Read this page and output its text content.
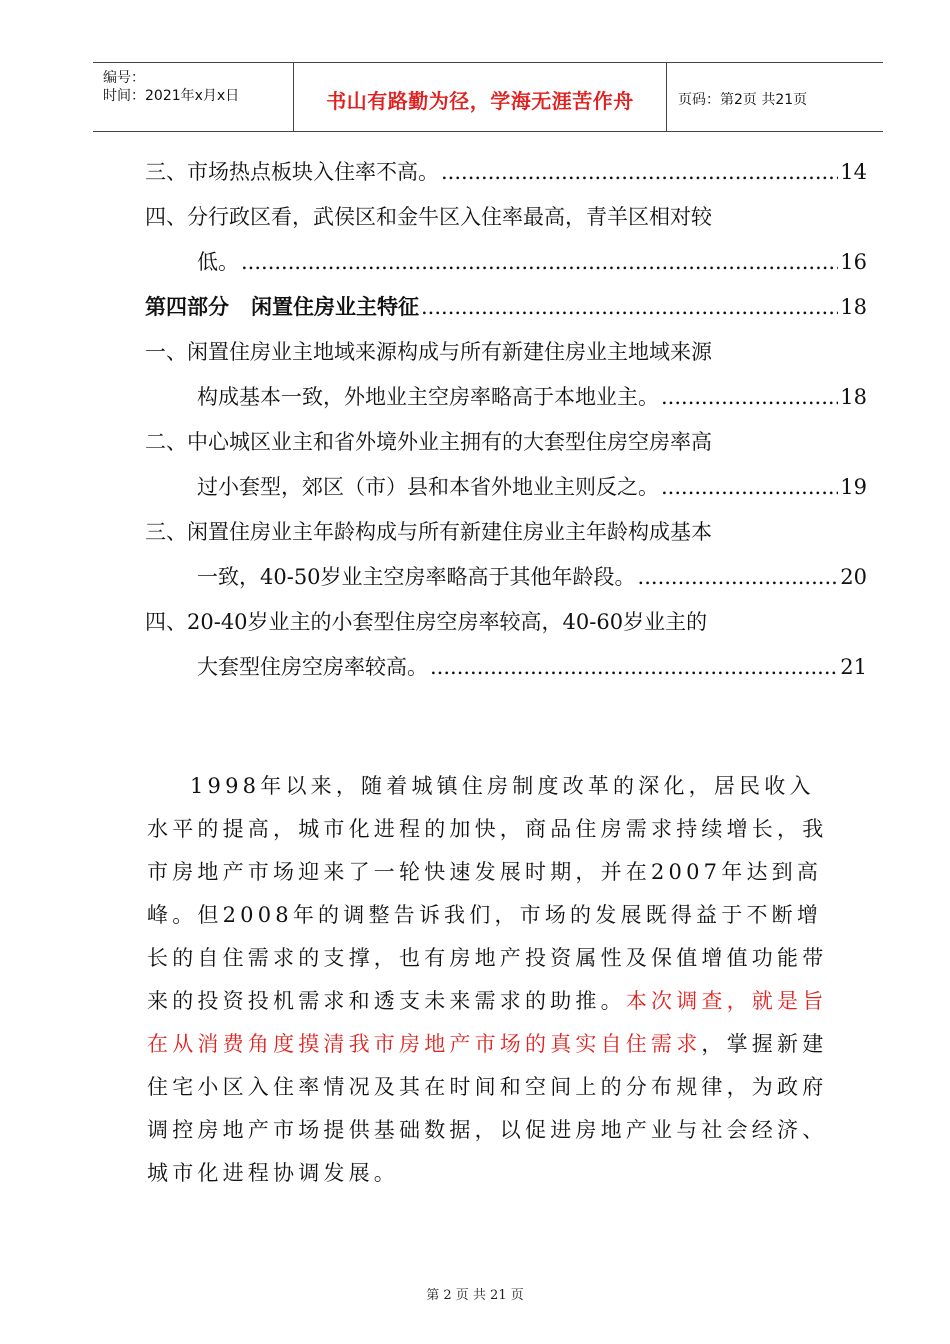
编号：
时间：2021年x月x日	书山有路勤为径，学海无涯苦作舟	页码：第2页 共21页
三、市场热点板块入住率不高。 .....	14
四、分行政区看，武侯区和金牛区入住率最高，青羊区相对较
低。 .....	16
第四部分 闲置住房业主特征 .....	18
一、闲置住房业主地域来源构成与所有新建住房业主地域来源
构成基本一致，外地业主空房率略高于本地业主。 .....	18
二、中心城区业主和省外境外业主拥有的大套型住房空房率高
过小套型，郊区（市）县和本省外地业主则反之。 .....	19
三、闲置住房业主年龄构成与所有新建住房业主年龄构成基本
一致，40-50岁业主空房率略高于其他年龄段。 .....	20
四、20-40岁业主的小套型住房空房率较高，40-60岁业主的
大套型住房空房率较高。 .....	21
1998年以来，随着城镇住房制度改革的深化，居民收入
水平的提高，城市化进程的加快，商品住房需求持续增长，我
市房地产市场迎来了一轮快速发展时期，并在2007年达到高
峰。但2008年的调整告诉我们，市场的发展既得益于不断增
长的自住需求的支撑，也有房地产投资属性及保值增值功能带
来的投资投机需求和透支未来需求的助推。本次调查，就是旨
在从消费角度摸清我市房地产市场的真实自住需求，掌握新建
住宅小区入住率情况及其在时间和空间上的分布规律，为政府
调控房地产市场提供基础数据，以促进房地产业与社会经济、
城市化进程协调发展。
第 2 页 共 21 页
